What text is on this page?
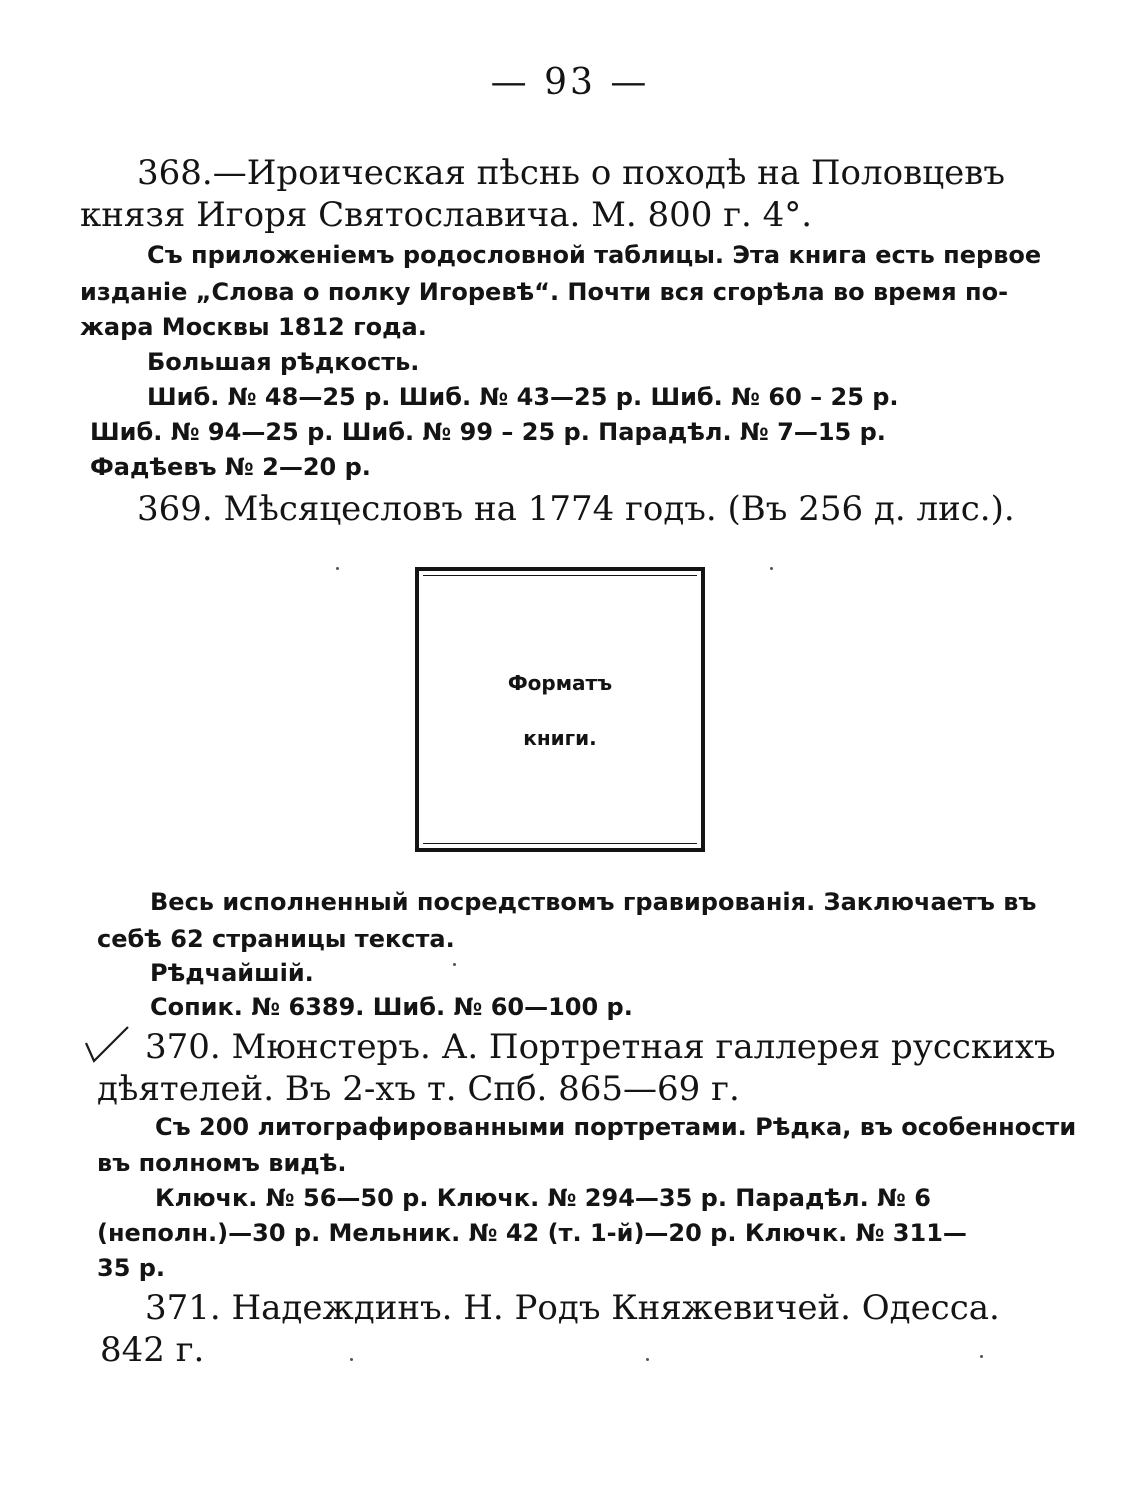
— 93 —
368.—Ироическая пѣснь о походѣ на Половцевъ
князя Игоря Святославича. М. 800 г. 4°.
Съ приложеніемъ родословной таблицы. Эта книга есть первое
изданіе „Слова о полку Игоревѣ“. Почти вся сгорѣла во время по-
жара Москвы 1812 года.
Большая рѣдкость.
Шиб. № 48—25 р. Шиб. № 43—25 р. Шиб. № 60 – 25 р.
Шиб. № 94—25 р. Шиб. № 99 – 25 р. Парадѣл. № 7—15 р.
Фадѣевъ № 2—20 р.
369. Мѣсяцесловъ на 1774 годъ. (Въ 256 д. лис.).
Форматъ
книги.
Весь исполненный посредствомъ гравированія. Заключаетъ въ
себѣ 62 страницы текста.
Рѣдчайшій.
Сопик. № 6389. Шиб. № 60—100 р.
370. Мюнстеръ. А. Портретная галлерея русскихъ
дѣятелей. Въ 2-хъ т. Спб. 865—69 г.
Съ 200 литографированными портретами. Рѣдка, въ особенности
въ полномъ видѣ.
Ключк. № 56—50 р. Ключк. № 294—35 р. Парадѣл. № 6
(неполн.)—30 р. Мельник. № 42 (т. 1-й)—20 р. Ключк. № 311—
35 р.
371. Надеждинъ. Н. Родъ Княжевичей. Одесса.
842 г.
